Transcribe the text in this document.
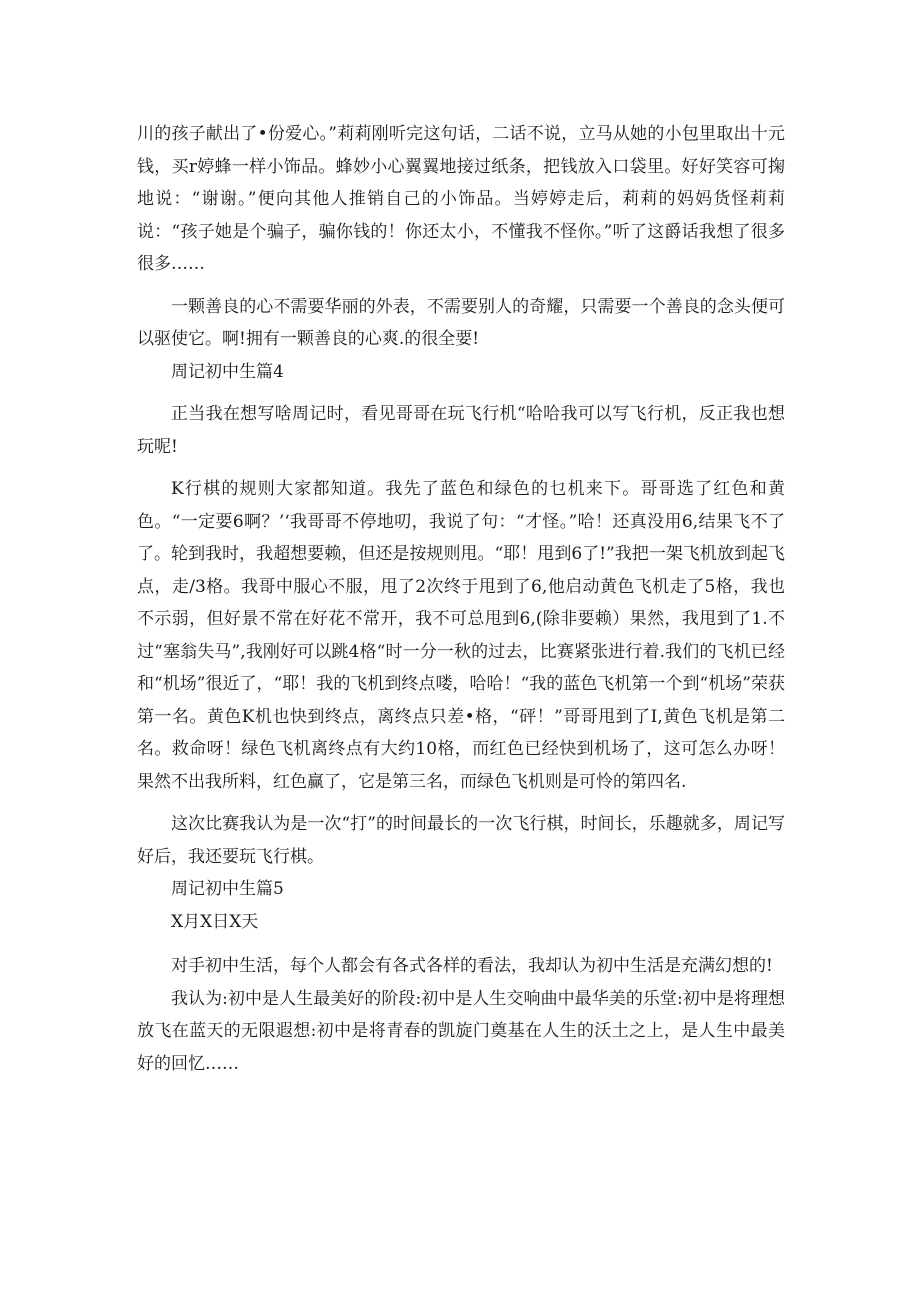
川的孩子献出了•份爱心。”莉莉刚听完这句话，二话不说，立马从她的小包里取出十元钱，买r婷蜂一样小饰品。蜂妙小心翼翼地接过纸条，把钱放入口袋里。好好笑容可掬地说：“谢谢。”便向其他人推销自己的小饰品。当婷婷走后，莉莉的妈妈货怪莉莉说：“孩子她是个骗子，骗你钱的！你还太小，不懂我不怪你。”听了这爵话我想了很多很多……

一颗善良的心不需要华丽的外表，不需要别人的奇耀，只需要一个善良的念头便可以驱使它。啊!拥有一颗善良的心爽.的很全要!

周记初中生篇4

正当我在想写啥周记时，看见哥哥在玩飞行机“哈哈我可以写飞行机，反正我也想玩呢!

K行棋的规则大家都知道。我先了蓝色和绿色的乜机来下。哥哥选了红色和黄色。“一定要6啊？’‘我哥哥不停地叨，我说了句：“才怪。”哈！还真没用6,结果飞不了了。轮到我时，我超想要赖，但还是按规则甩。“耶！甩到6了!”我把一架飞机放到起飞点，走/3格。我哥中服心不服，甩了2次终于甩到了6,他启动黄色飞机走了5格，我也不示弱，但好景不常在好花不常开，我不可总甩到6,(除非要赖）果然，我甩到了1.不过“塞翁失马”,我刚好可以跳4格“时一分一秋的过去，比赛紧张进行着.我们的飞机已经和“机场”很近了，“耶！我的飞机到终点喽，哈哈！“我的蓝色飞机第一个到“机场”荣获第一名。黄色K机也快到终点，离终点只差•格，“砰！”哥哥甩到了I,黄色飞机是第二名。救命呀！绿色飞机离终点有大约10格，而红色已经快到机场了，这可怎么办呀！果然不出我所料，红色赢了，它是第三名，而绿色飞机则是可怜的第四名.

这次比赛我认为是一次“打”的时间最长的一次飞行棋，时间长，乐趣就多，周记写好后，我还要玩飞行棋。

周记初中生篇5

X月X日X天

对手初中生活，每个人都会有各式各样的看法，我却认为初中生活是充满幻想的!

我认为:初中是人生最美好的阶段:初中是人生交响曲中最华美的乐堂:初中是将理想放飞在蓝天的无限遐想:初中是将青春的凯旋门奠基在人生的沃土之上，是人生中最美好的回忆……
